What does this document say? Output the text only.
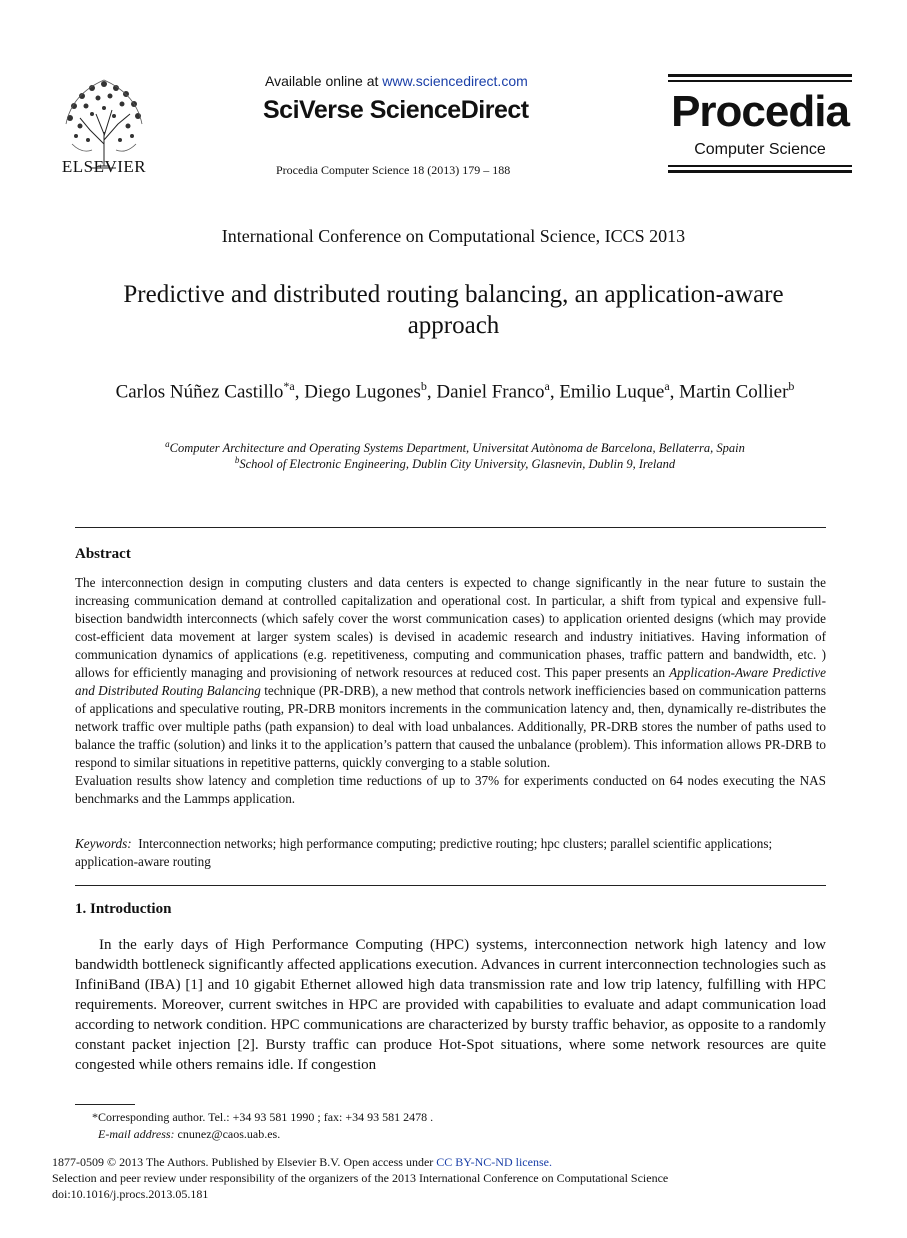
ELSEVIER
Available online at www.sciencedirect.com
SciVerse ScienceDirect
Procedia Computer Science 18 (2013) 179 – 188
Procedia
Computer Science
International Conference on Computational Science, ICCS 2013
Predictive and distributed routing balancing, an application-aware
approach
Carlos Núñez Castillo$^{*a}$, Diego Lugones$^b$, Daniel Franco$^a$, Emilio Luque$^a$, Martin Collier$^b$
$^a$Computer Architecture and Operating Systems Department, Universitat Autònoma de Barcelona, Bellaterra, Spain
$^b$School of Electronic Engineering, Dublin City University, Glasnevin, Dublin 9, Ireland
Abstract
The interconnection design in computing clusters and data centers is expected to change significantly in the near future to sustain the increasing communication demand at controlled capitalization and operational cost. In particular, a shift from typical and expensive full-bisection bandwidth interconnects (which safely cover the worst communication cases) to application oriented designs (which may provide cost-efficient data movement at larger system scales) is devised in academic research and industry initiatives. Having information of communication dynamics of applications (e.g. repetitiveness, computing and communication phases, traffic pattern and bandwidth, etc. ) allows for efficiently managing and provisioning of network resources at reduced cost. This paper presents an Application-Aware Predictive and Distributed Routing Balancing technique (PR-DRB), a new method that controls network inefficiencies based on communication patterns of applications and speculative routing, PR-DRB monitors increments in the communication latency and, then, dynamically re-distributes the network traffic over multiple paths (path expansion) to deal with load unbalances. Additionally, PR-DRB stores the number of paths used to balance the traffic (solution) and links it to the application’s pattern that caused the unbalance (problem). This information allows PR-DRB to respond to similar situations in repetitive patterns, quickly converging to a stable solution.
Evaluation results show latency and completion time reductions of up to 37% for experiments conducted on 64 nodes executing the NAS benchmarks and the Lammps application.
Keywords: Interconnection networks; high performance computing; predictive routing; hpc clusters; parallel scientific applications; application-aware routing
1. Introduction
In the early days of High Performance Computing (HPC) systems, interconnection network high latency and low bandwidth bottleneck significantly affected applications execution. Advances in current interconnection technologies such as InfiniBand (IBA) [1] and 10 gigabit Ethernet allowed high data transmission rate and low trip latency, fulfilling with HPC requirements. Moreover, current switches in HPC are provided with capabilities to evaluate and adapt communication load according to network condition. HPC communications are characterized by bursty traffic behavior, as opposite to a randomly constant packet injection [2]. Bursty traffic can produce Hot-Spot situations, where some network resources are quite congested while others remains idle. If congestion
*Corresponding author. Tel.: +34 93 581 1990 ; fax: +34 93 581 2478 .
E-mail address: cnunez@caos.uab.es.
1877-0509 © 2013 The Authors. Published by Elsevier B.V. Open access under CC BY-NC-ND license.
Selection and peer review under responsibility of the organizers of the 2013 International Conference on Computational Science
doi:10.1016/j.procs.2013.05.181
